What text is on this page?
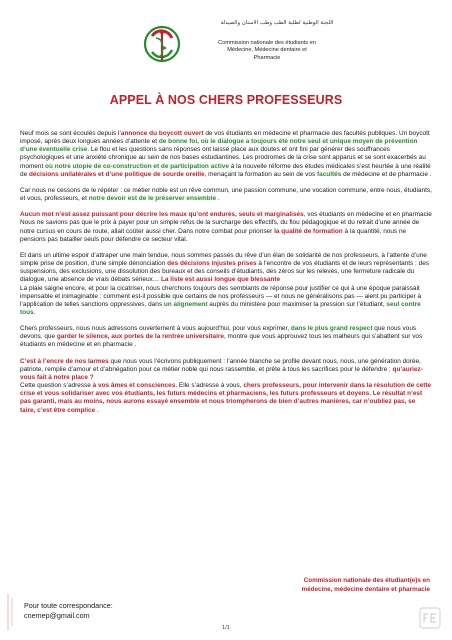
اللجنة الوطنية لطلبة الطب وطب الاسنان والصيدلة
Commission nationale des étudiants en
Médecine, Médecine dentaire et
Pharmacie
APPEL À NOS CHERS PROFESSEURS

Neuf mois se sont écoulés depuis l’annonce du boycott ouvert de vos étudiants en médecine et pharmacie des facultés publiques. Un boycott imposé, après deux longues années d’attente et de bonne foi, où le dialogue a toujours été notre seul et unique moyen de prévention d’une éventuelle crise. Le flou et les questions sans réponses ont laissé place aux doutes et ont fini par générer des souffrances psychologiques et une anxiété chronique au sein de nos bases estudiantines. Les prodromes de la crise sont apparus et se sont exacerbés au moment où notre utopie de co-construction et de participation active à la nouvelle réforme des études médicales s’est heurtée à une réalité de décisions unilatérales et d’une politique de sourde oreille, menaçant la formation au sein de vos facultés de médecine et de pharmacie .

Car nous ne cessons de le répéter : ce métier noble est un rêve commun, une passion commune, une vocation commune, entre nous, étudiants, et vous, professeurs, et notre devoir est de le préserver ensemble .

Aucun mot n’est assez puissant pour décrire les maux qu’ont endurés, seuls et marginalisés, vos étudiants en médecine et en pharmacie

Nous ne savions pas que le prix à payer pour un simple refus de la surcharge des effectifs, du flou pédagogique et du retrait d’une année de notre cursus en cours de route, allait coûter aussi cher. Dans notre combat pour prioriser la qualité de formation à la quantité, nous ne pensions pas batailler seuls pour défendre ce secteur vital.

Et dans un ultime espoir d’attraper une main tendue, nous sommes passés du rêve d’un élan de solidarité de nos professeurs, à l’attente d’une simple prise de position, d’une simple dénonciation des décisions injustes prises à l’encontre de vos étudiants et de leurs représentants : des suspensions, des exclusions, une dissolution des bureaux et des conseils d’étudiants, des zéros sur les relevés, une fermeture radicale du dialogue, une absence de vrais débats sérieux… La liste est aussi longue que blessante

La plaie saigne encore, et pour la cicatriser, nous cherchons toujours des semblants de réponse pour justifier ce qui à une époque paraissait impensable et inimaginable : comment est-il possible que certains de nos professeurs — et nous ne généralisons pas — aient pu participer à l’application de telles sanctions oppressives, dans un alignement auprès du ministère pour maximiser la pression sur l’étudiant, seul contre tous.

Chers professeurs, nous nous adressons ouvertement à vous aujourd’hui, pour vous exprimer, dans le plus grand respect que nous vous devons, que garder le silence, aux portes de la rentrée universitaire, montre que vous approuvez tous les malheurs qui s’abattent sur vos étudiants en médecine et en pharmacie .

C’est à l’encre de nos larmes que nous vous l’écrivons publiquement : l’année blanche se profile devant nous, nous, une génération dorée, patriote, remplie d’amour et d’abnégation pour ce métier noble qui nous rassemble, et prête à tous les sacrifices pour le défendre ; qu’auriez-vous fait à notre place ?

Cette question s’adresse à vos âmes et consciences. Elle s’adresse à vous, chers professeurs, pour intervenir dans la résolution de cette crise et vous solidariser avec vos étudiants, les futurs médecins et pharmaciens, les futurs professeurs et doyens. Le résultat n’est pas garanti, mais au moins, nous aurons essayé ensemble et nous triompherons de bien d’autres manières, car n’oubliez pas, se taire, c’est être complice .

Commission nationale des étudiant(e)s en
médecine, médecine dentaire et pharmacie
Pour toute correspondance:
cnemep@gmail.com
1/1
